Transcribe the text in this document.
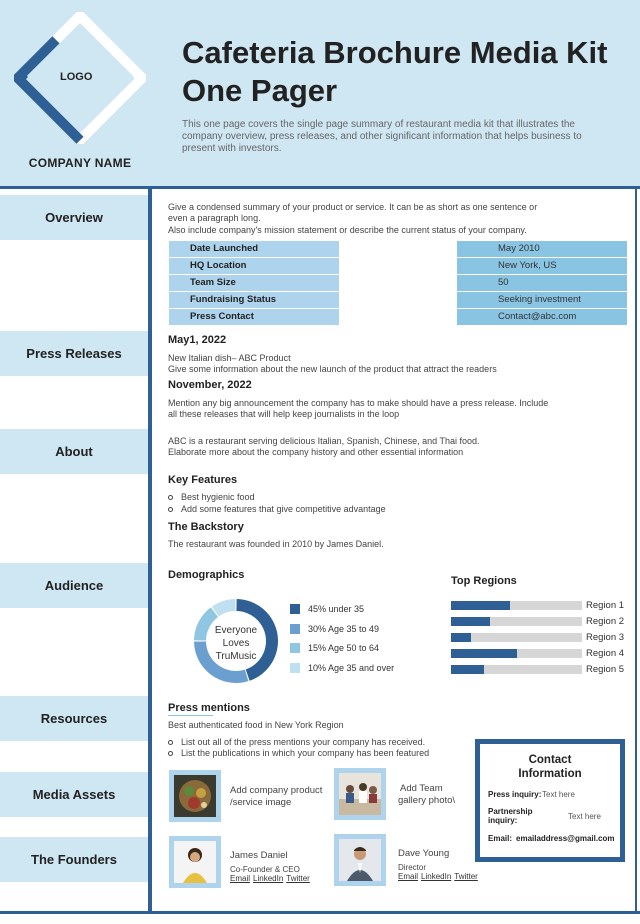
LOGO
COMPANY NAME
Cafeteria Brochure Media Kit One Pager
This one page covers the single page summary of restaurant media kit that illustrates the company overview, press releases, and other significant information that helps business to present with investors.
Overview
Press Releases
About
Audience
Resources
Media Assets
The Founders
Give a condensed summary of your product or service. It can be as short as one sentence or
even a paragraph long.
Also include company's mission statement or describe the current status of your company.
Date Launched	May 2010
HQ Location	New York, US
Team Size	50
Fundraising Status	Seeking investment
Press Contact	Contact@abc.com
May1, 2022
New Italian dish– ABC Product
Give some information about the new launch of the product that attract the readers
November, 2022
Mention any big announcement the company has to make should have a press release. Include
all these releases that will help keep journalists in the loop
ABC is a restaurant serving delicious Italian, Spanish, Chinese, and Thai food.
Elaborate more about the company history and other essential information
Key Features
Best hygienic food
Add some features that give competitive advantage
The Backstory
The restaurant was founded in 2010 by James Daniel.
Demographics
Everyone
Loves
TruMusic
45% under 35
30% Age 35 to 49
15% Age 50 to 64
10% Age 35 and over
Top Regions
Region 1
Region 2
Region 3
Region 4
Region 5
Press mentions
Best authenticated food in New York Region
List out all of the press mentions your company has received.
List the publications in which your company has been featured
Add company product
/service image
Add Team
gallery photo\
James Daniel
Co-Founder & CEO
Email LinkedIn Twitter
Dave Young
Director
Email LinkedIn Twitter
Contact
Information
Press inquiry: Text here
Partnership
inquiry:	Text here
Email: emailaddress@gmail.com
